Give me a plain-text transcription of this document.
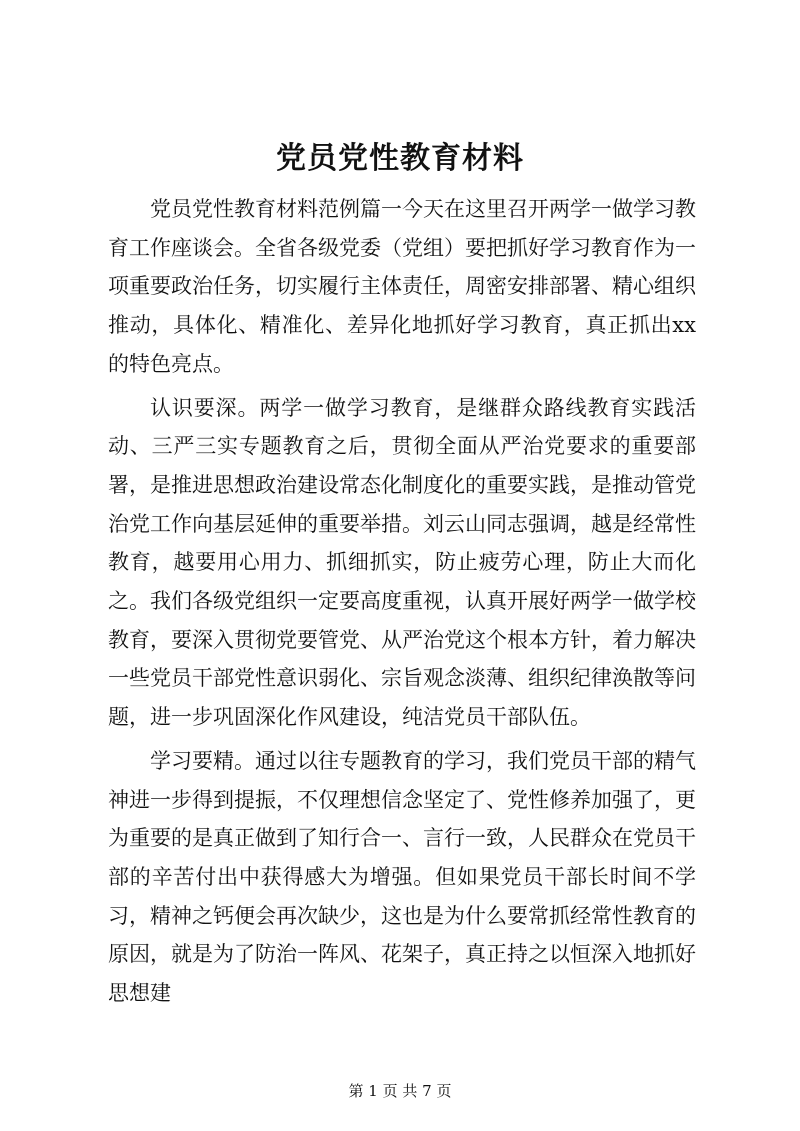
党员党性教育材料

党员党性教育材料范例篇一今天在这里召开两学一做学习教育工作座谈会。全省各级党委（党组）要把抓好学习教育作为一项重要政治任务，切实履行主体责任，周密安排部署、精心组织推动，具体化、精准化、差异化地抓好学习教育，真正抓出xx的特色亮点。

认识要深。两学一做学习教育，是继群众路线教育实践活动、三严三实专题教育之后，贯彻全面从严治党要求的重要部署，是推进思想政治建设常态化制度化的重要实践，是推动管党治党工作向基层延伸的重要举措。刘云山同志强调，越是经常性教育，越要用心用力、抓细抓实，防止疲劳心理，防止大而化之。我们各级党组织一定要高度重视，认真开展好两学一做学校教育，要深入贯彻党要管党、从严治党这个根本方针，着力解决一些党员干部党性意识弱化、宗旨观念淡薄、组织纪律涣散等问题，进一步巩固深化作风建设，纯洁党员干部队伍。

学习要精。通过以往专题教育的学习，我们党员干部的精气神进一步得到提振，不仅理想信念坚定了、党性修养加强了，更为重要的是真正做到了知行合一、言行一致，人民群众在党员干部的辛苦付出中获得感大为增强。但如果党员干部长时间不学习，精神之钙便会再次缺少，这也是为什么要常抓经常性教育的原因，就是为了防治一阵风、花架子，真正持之以恒深入地抓好思想建

第 1 页 共 7 页
